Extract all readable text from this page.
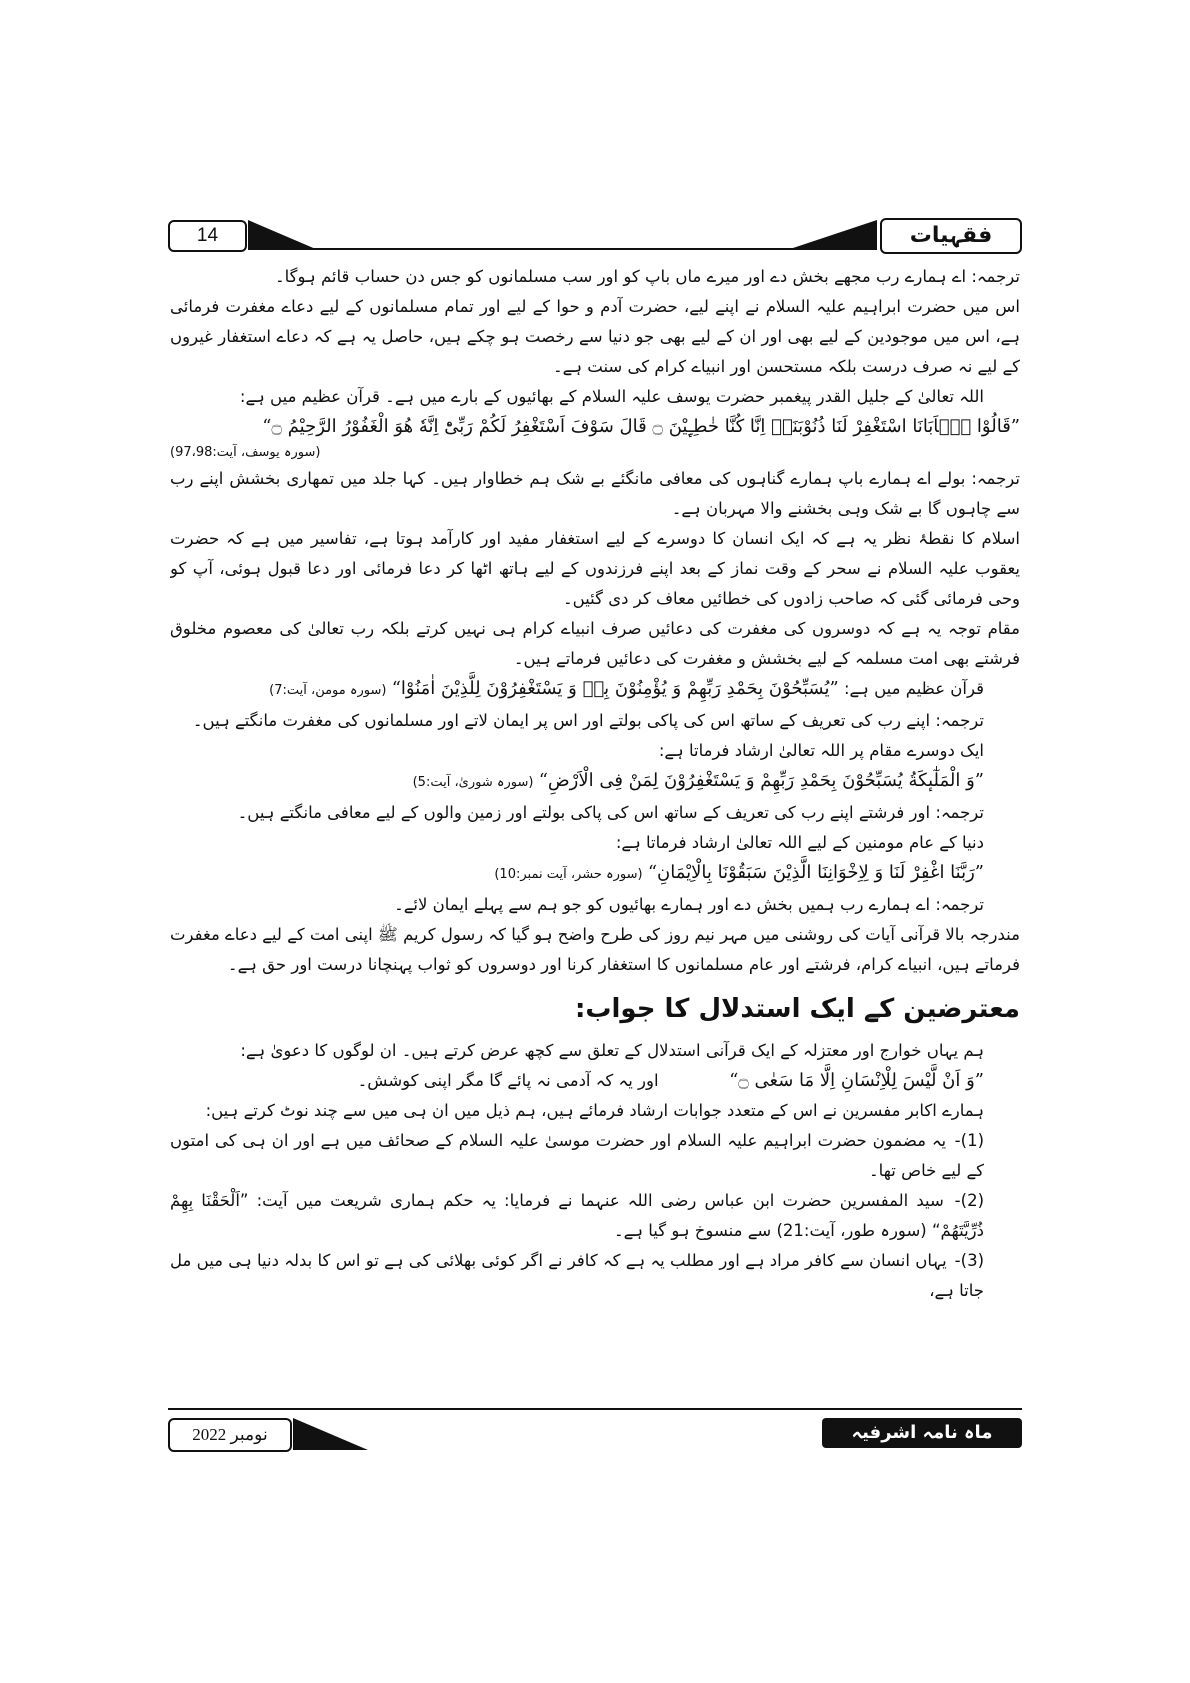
14	فقہیات

ترجمہ: اے ہمارے رب مجھے بخش دے اور میرے ماں باپ کو اور سب مسلمانوں کو جس دن حساب قائم ہوگا۔

اس میں حضرت ابراہیم علیہ السلام نے اپنے لیے، حضرت آدم و حوا کے لیے اور تمام مسلمانوں کے لیے دعاے مغفرت فرمائی ہے، اس میں موجودین کے لیے بھی اور ان کے لیے بھی جو دنیا سے رخصت ہو چکے ہیں، حاصل یہ ہے کہ دعاے استغفار غیروں کے لیے نہ صرف درست بلکہ مستحسن اور انبیاے کرام کی سنت ہے۔

اللہ تعالیٰ کے جلیل القدر پیغمبر حضرت یوسف علیہ السلام کے بھائیوں کے بارے میں ہے۔ قرآن عظیم میں ہے:

”قَالُوْا یٰۤاَبَانَا اسْتَغْفِرْ لَنَا ذُنُوْبَنَاۤ اِنَّا كُنَّا خٰطِـِٕیْنَ ۝ قَالَ سَوْفَ اَسْتَغْفِرُ لَكُمْ رَبِّیْؕ اِنَّهٗ هُوَ الْغَفُوْرُ الرَّحِیْمُ ۝“

(سورہ یوسف، آیت:97،98)

ترجمہ: بولے اے ہمارے باپ ہمارے گناہوں کی معافی مانگئے بے شک ہم خطاوار ہیں۔ کہا جلد میں تمھاری بخشش اپنے رب سے چاہوں گا بے شک وہی بخشنے والا مہربان ہے۔

اسلام کا نقطۂ نظر یہ ہے کہ ایک انسان کا دوسرے کے لیے استغفار مفید اور کارآمد ہوتا ہے، تفاسیر میں ہے کہ حضرت یعقوب علیہ السلام نے سحر کے وقت نماز کے بعد اپنے فرزندوں کے لیے ہاتھ اٹھا کر دعا فرمائی اور دعا قبول ہوئی، آپ کو وحی فرمائی گئی کہ صاحب زادوں کی خطائیں معاف کر دی گئیں۔

مقام توجہ یہ ہے کہ دوسروں کی مغفرت کی دعائیں صرف انبیاے کرام ہی نہیں کرتے بلکہ رب تعالیٰ کی معصوم مخلوق فرشتے بھی امت مسلمہ کے لیے بخشش و مغفرت کی دعائیں فرماتے ہیں۔

قرآن عظیم میں ہے: ”یُسَبِّحُوْنَ بِحَمْدِ رَبِّهِمْ وَ یُؤْمِنُوْنَ بِهٖ وَ یَسْتَغْفِرُوْنَ لِلَّذِیْنَ اٰمَنُوْا“ (سورہ مومن، آیت:7)

ترجمہ: اپنے رب کی تعریف کے ساتھ اس کی پاکی بولتے اور اس پر ایمان لاتے اور مسلمانوں کی مغفرت مانگتے ہیں۔

ایک دوسرے مقام پر اللہ تعالیٰ ارشاد فرماتا ہے:

”وَ الْمَلٰٓىٕكَةُ یُسَبِّحُوْنَ بِحَمْدِ رَبِّهِمْ وَ یَسْتَغْفِرُوْنَ لِمَنْ فِی الْاَرْضِ“ (سورہ شوریٰ، آیت:5)

ترجمہ: اور فرشتے اپنے رب کی تعریف کے ساتھ اس کی پاکی بولتے اور زمین والوں کے لیے معافی مانگتے ہیں۔

دنیا کے عام مومنین کے لیے اللہ تعالیٰ ارشاد فرماتا ہے:

”رَبَّنَا اغْفِرْ لَنَا وَ لِاِخْوَانِنَا الَّذِیْنَ سَبَقُوْنَا بِالْاِیْمَانِ“ (سورہ حشر، آیت نمبر:10)

ترجمہ: اے ہمارے رب ہمیں بخش دے اور ہمارے بھائیوں کو جو ہم سے پہلے ایمان لائے۔

مندرجہ بالا قرآنی آیات کی روشنی میں مہر نیم روز کی طرح واضح ہو گیا کہ رسول کریم ﷺ اپنی امت کے لیے دعاے مغفرت فرماتے ہیں، انبیاے کرام، فرشتے اور عام مسلمانوں کا استغفار کرنا اور دوسروں کو ثواب پہنچانا درست اور حق ہے۔

معترضین کے ایک استدلال کا جواب:

ہم یہاں خوارج اور معتزلہ کے ایک قرآنی استدلال کے تعلق سے کچھ عرض کرتے ہیں۔ ان لوگوں کا دعویٰ ہے:

”وَ اَنْ لَّیْسَ لِلْاِنْسَانِ اِلَّا مَا سَعٰى ۝“  اور یہ کہ آدمی نہ پائے گا مگر اپنی کوشش۔

ہمارے اکابر مفسرین نے اس کے متعدد جوابات ارشاد فرمائے ہیں، ہم ذیل میں ان ہی میں سے چند نوٹ کرتے ہیں:

(1)- یہ مضمون حضرت ابراہیم علیہ السلام اور حضرت موسیٰ علیہ السلام کے صحائف میں ہے اور ان ہی کی امتوں کے لیے خاص تھا۔

(2)- سید المفسرین حضرت ابن عباس رضی اللہ عنہما نے فرمایا: یہ حکم ہماری شریعت میں آیت: ”اَلْحَقْنَا بِهِمْ ذُرِّیَّتَهُمْ“ (سورہ طور، آیت:21) سے منسوخ ہو گیا ہے۔

(3)- یہاں انسان سے کافر مراد ہے اور مطلب یہ ہے کہ کافر نے اگر کوئی بھلائی کی ہے تو اس کا بدلہ دنیا ہی میں مل جاتا ہے،

نومبر 2022	ماہ نامہ اشرفیہ
